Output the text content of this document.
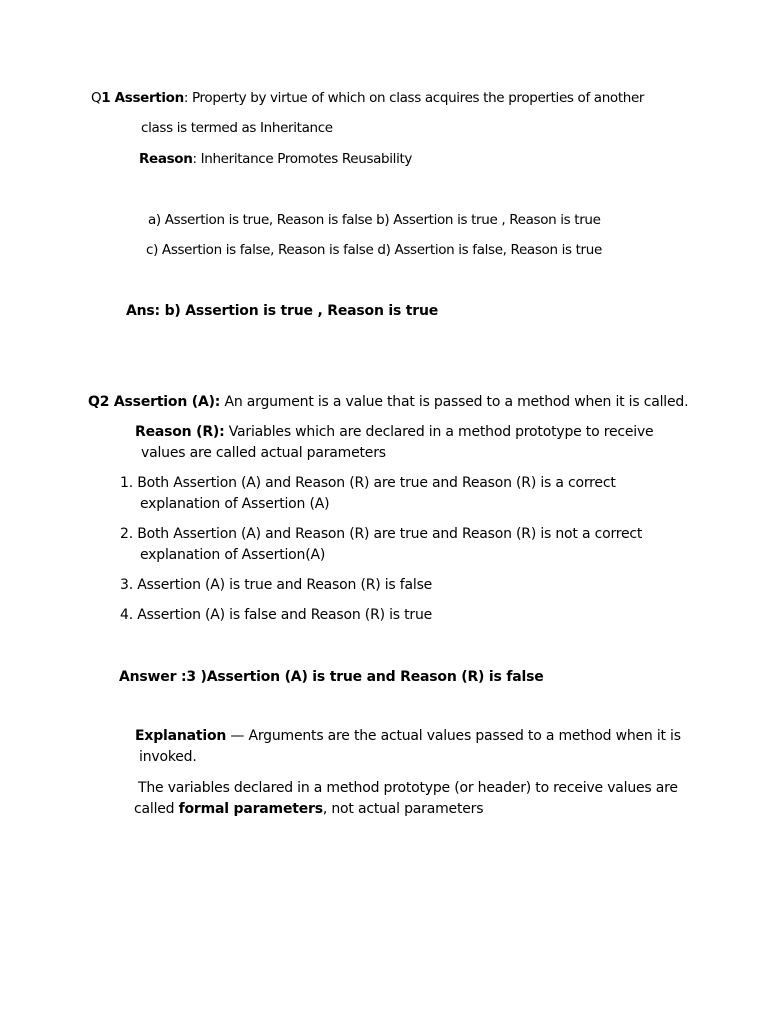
Q1 Assertion: Property by virtue of which on class acquires the properties of another
class is termed as Inheritance
Reason: Inheritance Promotes Reusability
a) Assertion is true, Reason is false b) Assertion is true , Reason is true
c) Assertion is false, Reason is false d) Assertion is false, Reason is true
Ans: b) Assertion is true , Reason is true
Q2 Assertion (A): An argument is a value that is passed to a method when it is called.
Reason (R): Variables which are declared in a method prototype to receive
values are called actual parameters
1. Both Assertion (A) and Reason (R) are true and Reason (R) is a correct
explanation of Assertion (A)
2. Both Assertion (A) and Reason (R) are true and Reason (R) is not a correct
explanation of Assertion(A)
3. Assertion (A) is true and Reason (R) is false
4. Assertion (A) is false and Reason (R) is true
Answer :3 )Assertion (A) is true and Reason (R) is false
Explanation — Arguments are the actual values passed to a method when it is
invoked.
The variables declared in a method prototype (or header) to receive values are
called formal parameters, not actual parameters
